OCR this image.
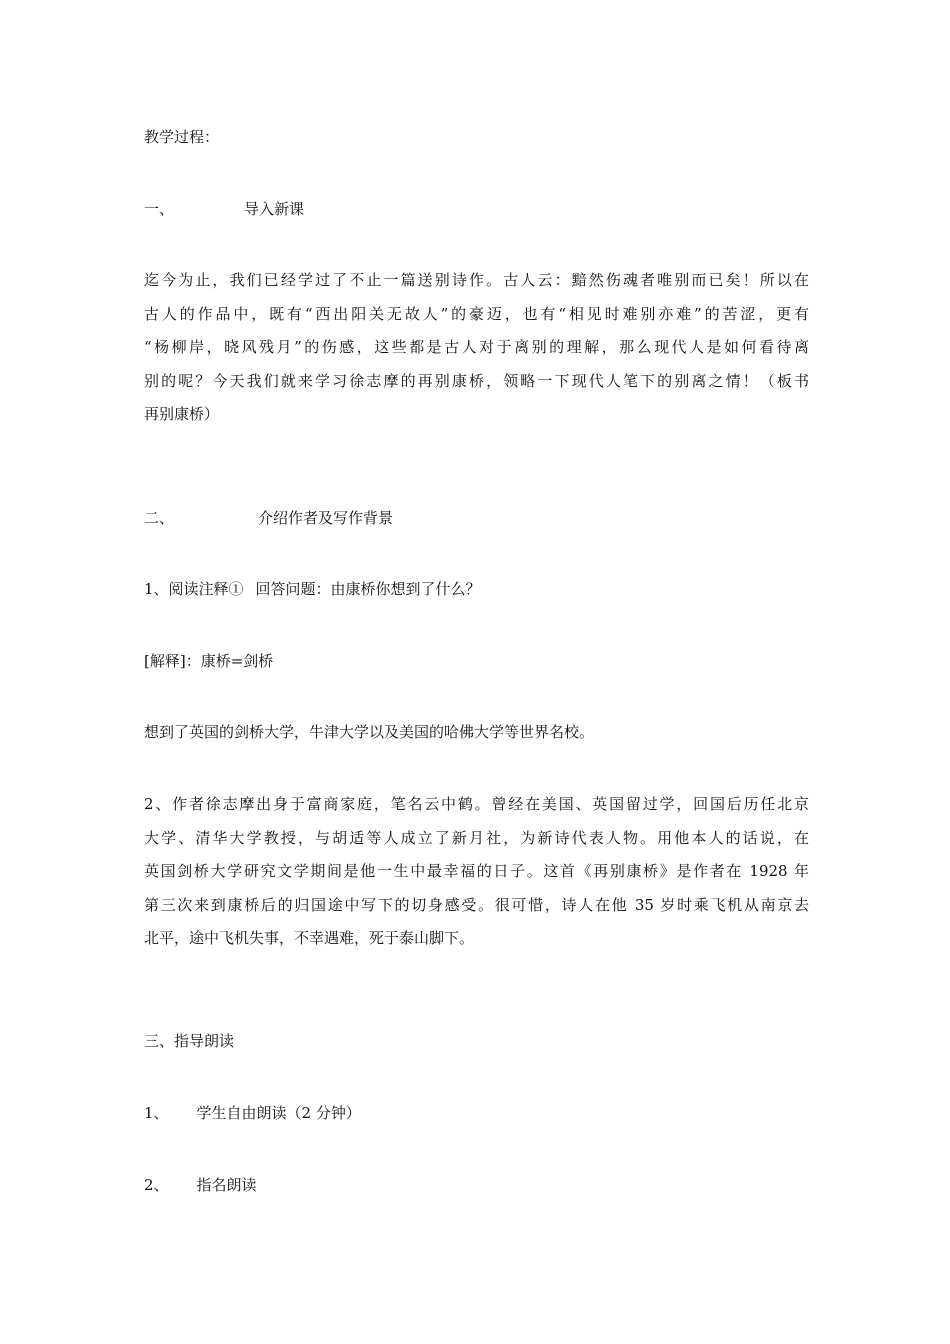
教学过程：

一、	导入新课

迄今为止，我们已经学过了不止一篇送别诗作。古人云：黯然伤魂者唯别而已矣！所以在
古人的作品中，既有“西出阳关无故人”的豪迈，也有“相见时难别亦难”的苦涩，更有
“杨柳岸，晓风残月”的伤感，这些都是古人对于离别的理解，那么现代人是如何看待离
别的呢？今天我们就来学习徐志摩的再别康桥，领略一下现代人笔下的别离之情！（板书
再别康桥）

二、	介绍作者及写作背景

1、阅读注释① 回答问题：由康桥你想到了什么？

[解释]：康桥=剑桥

想到了英国的剑桥大学，牛津大学以及美国的哈佛大学等世界名校。

2、作者徐志摩出身于富商家庭，笔名云中鹤。曾经在美国、英国留过学，回国后历任北京
大学、清华大学教授，与胡适等人成立了新月社，为新诗代表人物。用他本人的话说，在
英国剑桥大学研究文学期间是他一生中最幸福的日子。这首《再别康桥》是作者在 1928 年
第三次来到康桥后的归国途中写下的切身感受。很可惜，诗人在他 35 岁时乘飞机从南京去
北平，途中飞机失事，不幸遇难，死于泰山脚下。

三、指导朗读

1、 学生自由朗读（2 分钟）

2、 指名朗读
